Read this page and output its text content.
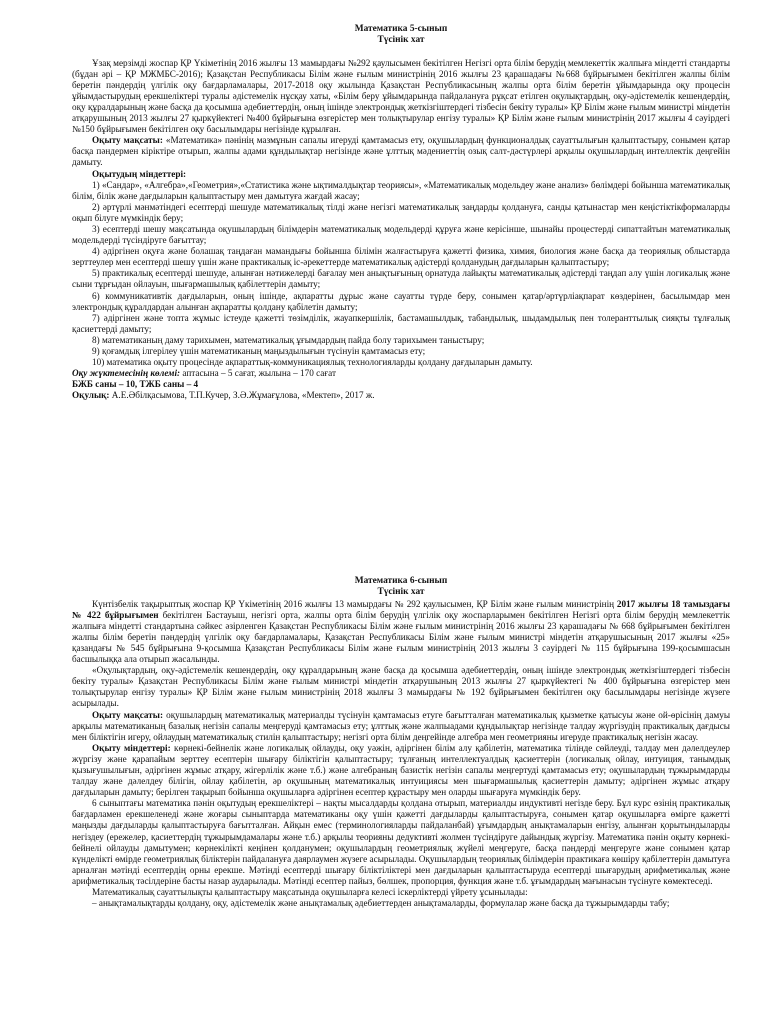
Математика 5-сынып
Түсінік хат

Ұзақ мерзімді жоспар ҚР Үкіметінің 2016 жылғы 13 мамырдағы №292 қаулысымен бекітілген Негізгі орта білім берудің мемлекеттік жалпыға міндетті стандарты (бұдан әрі – ҚР МЖМБС-2016); Қазақстан Республикасы Білім және ғылым министрінің 2016 жылғы 23 қарашадағы №668 бұйрығымен бекітілген жалпы білім беретін пәндердің үлгілік оқу бағдарламалары, 2017-2018 оқу жылында Қазақстан Республикасының жалпы орта білім беретін ұйымдарында оқу процесін ұйымдастырудың ерекшеліктері туралы әдістемелік нұсқау хаты, «Білім беру ұйымдарында пайдалануға рұқсат етілген оқулықтардың, оқу-әдістемелік кешендердің, оқу құралдарының және басқа да қосымша әдебиеттердің, оның ішінде электрондық жеткізгіштердегі тізбесін бекіту туралы» ҚР Білім және ғылым министрі міндетін атқарушының 2013 жылғы 27 қыркүйектегі №400 бұйрығына өзгерістер мен толықтырулар енгізу туралы» ҚР Білім және ғылым министрінің 2017 жылғы 4 сәуірдегі №150 бұйрығымен бекітілген оқу басылымдары негізінде құрылған.

Оқыту мақсаты: «Математика» пәнінің мазмұнын сапалы игеруді қамтамасыз ету, оқушылардың функционалдық сауаттылығын қалыптастыру, сонымен қатар басқа пәндермен кіріктіре отырып, жалпы адами құндылықтар негізінде және ұлттық мәдениеттің озық салт-дәстүрлері арқылы оқушылардың интеллектік деңгейін дамыту.

Оқытудың міндеттері:

1) «Сандар», «Алгебра»,«Геометрия»,«Статистика және ықтималдықтар теориясы», «Математикалық модельдеу және анализ» бөлімдері бойынша математикалық білім, білік және дағдыларын қалыптастыру мен дамытуға жағдай жасау;

2) әртүрлі мәнмәтіндегі есептерді шешуде математикалық тілді және негізгі математикалық заңдарды қолдануға, санды қатынастар мен кеңістіктікформаларды оқып білуге мүмкіндік беру;

3) есептерді шешу мақсатында оқушылардың білімдерін математикалық модельдерді құруға және керісінше, шынайы процестерді сипаттайтын математикалық модельдерді түсіндіруге бағыттау;

4) әдіргінен оқуға және болашақ таңдаған мамандығы бойынша білімін жалғастыруға қажетті физика, химия, биология және басқа да теориялық облыстарда зерттеулер мен есептерді шешу үшін және практикалық іс-әрекеттерде математикалық әдістерді қолданудың дағдыларын қалыптастыру;

5) практикалық есептерді шешуде, алынған нәтижелерді бағалау мен анықтығының орнатуда лайықты математикалық әдістерді таңдап алу үшін логикалық және сыни тұрғыдан ойлауын, шығармашылық қабілеттерін дамыту;

6) коммуникативтік дағдыларын, оның ішінде, ақпаратты дұрыс және сауатты түрде беру, сонымен қатар/әртүрліақпарат көздерінен, басылымдар мен электрондық құралдардан алынған ақпаратты қолдану қабілетін дамыту;

7) әдіргінен және топта жұмыс істеуде қажетті төзімділік, жауапкершілік, бастамашылдық, табандылық, шыдамдылық пен толеранттылық сияқты тұлғалық қасиеттерді дамыту;

8) математиканың даму тарихымен, математикалық ұғымдардың пайда болу тарихымен таныстыру;

9) қоғамдық ілгерілеу үшін математиканың маңыздылығын түсінуін қамтамасыз ету;

10) математика оқыту процесінде ақпараттық-коммуникациялық технологияларды қолдану дағдыларын дамыту.

Оқу жүктемесінің көлемі: аптасына – 5 сағат, жылына – 170 сағат

БЖБ саны – 10, ТЖБ саны – 4

Оқулық: А.Е.Әбілқасымова, Т.П.Кучер, З.Ә.Жұмағұлова, «Мектеп», 2017 ж.

Математика 6-сынып
Түсінік хат

Күнтізбелік тақырыптық жоспар ҚР Үкіметінің 2016 жылғы 13 мамырдағы № 292 қаулысымен, ҚР Білім және ғылым министрінің 2017 жылғы 18 тамыздағы № 422 бұйрығымен бекітілген Бастауыш, негізгі орта, жалпы орта білім берудің үлгілік оқу жоспарларымен бекітілген Негізгі орта білім берудің мемлекеттік жалпыға міндетті стандартына сәйкес әзірленген Қазақстан Республикасы Білім және ғылым министрінің 2016 жылғы 23 қарашадағы № 668 бұйрығымен бекітілген жалпы білім беретін пәндердің үлгілік оқу бағдарламалары, Қазақстан Республикасы Білім және ғылым министрі міндетін атқарушысының 2017 жылғы «25» қазандағы № 545 бұйрығына 9-қосымша Қазақстан Республикасы Білім және ғылым министрінің 2013 жылғы 3 сәуірдегі № 115 бұйрығына 199-қосымшасын басшылыққа ала отырып жасалынды.

«Оқулықтардың, оқу-әдістемелік кешендердің, оқу құралдарының және басқа да қосымша әдебиеттердің, оның ішінде электрондық жеткізгіштердегі тізбесін бекіту туралы» Қазақстан Республикасы Білім және ғылым министрі міндетін атқарушының 2013 жылғы 27 қыркүйектегі № 400 бұйрығына өзгерістер мен толықтырулар енгізу туралы» ҚР Білім және ғылым министрінің 2018 жылғы 3 мамырдағы № 192 бұйрығымен бекітілген оқу басылымдары негізінде жүзеге асырылады.

Оқыту мақсаты: оқушылардың математикалық материалды түсінуін қамтамасыз етуге бағытталған математикалық қызметке қатысуы және ой-өрісінің дамуы арқылы математиканың базалық негізін сапалы меңгеруді қамтамасыз ету; ұлттық және жалпыадами құндылықтар негізінде талдау жүргізудің практикалық дағдысы мен біліктігін игеру, ойлаудың математикалық стилін қалыптастыру; негізгі орта білім деңгейінде алгебра мен геометрияны игеруде практикалық негізін жасау.

Оқыту міндеттері: көрнекі-бейнелік және логикалық ойлауды, оқу уәжін, әдіргінен білім алу қабілетін, математика тілінде сөйлеуді, талдау мен дәлелдеулер жүргізу және қарапайым зерттеу есептерін шығару біліктігін қалыптастыру; тұлғаның интеллектуалдық қасиеттерін (логикалық ойлау, интуиция, танымдық қызығушылығын, әдіргінен жұмыс атқару, жігерлілік және т.б.) және алгебраның базистік негізін сапалы меңгертуді қамтамасыз ету; оқушылардың тұжырымдарды талдау және дәлелдеу білігін, ойлау қабілетін, әр оқушының математикалық интуициясы мен шығармашылық қасиеттерін дамыту; әдіргінен жұмыс атқару дағдыларын дамыту; берілген тақырып бойынша оқушыларға әдіргінен есептер құрастыру мен оларды шығаруға мүмкіндік беру.

6 сыныптағы математика пәнін оқытудың ерекшеліктері – нақты мысалдарды қолдана отырып, материалды индуктивті негізде беру. Бұл курс өзінің практикалық бағдарламен ерекшеленеді және жоғары сыныптарда математиканы оқу үшін қажетті дағдыларды қалыптастыруға, сонымен қатар оқушыларға өмірге қажетті маңызды дағдыларды қалыптастыруға бағытталған. Айқын емес (терминологияларды пайдаланбай) ұғымдардың анықтамаларын енгізу, алынған қорытындыларды негіздеу (ережелер, қасиеттердің тұжырымдамалары және т.б.) арқылы теорияны дедуктивті жолмен түсіндіруге дайындық жүргізу. Математика пәнін оқыту көрнекі-бейнелі ойлауды дамытумен; көрнекіліктi кеңінен қолданумен; оқушылардың геометриялық жүйелі меңгеруге, басқа пәндерді меңгеруге және сонымен қатар күнделікті өмірде геометриялық біліктерін пайдалануға даярлаумен жүзеге асырылады. Оқушылардың теориялық білімдерін практикаға көшіру қабілеттерін дамытуға арналған мәтінді есептердің орны ерекше. Мәтінді есептерді шығару біліктіліктері мен дағдыларын қалыптастыруда есептерді шығарудың арифметикалық және арифметикалық тәсілдеріне басты назар аударылады. Мәтінді есептер пайыз, бөлшек, пропорция, функция және т.б. ұғымдардың мағынасын түсінуге көмектеседі.

Математикалық сауаттылықты қалыптастыру мақсатында оқушыларға келесі іскерліктерді үйрету ұсынылады:

– анықтамалықтарды қолдану, оқу, әдістемелік және анықтамалық әдебиеттерден анықтамаларды, формулалар және басқа да тұжырымдарды табу;
